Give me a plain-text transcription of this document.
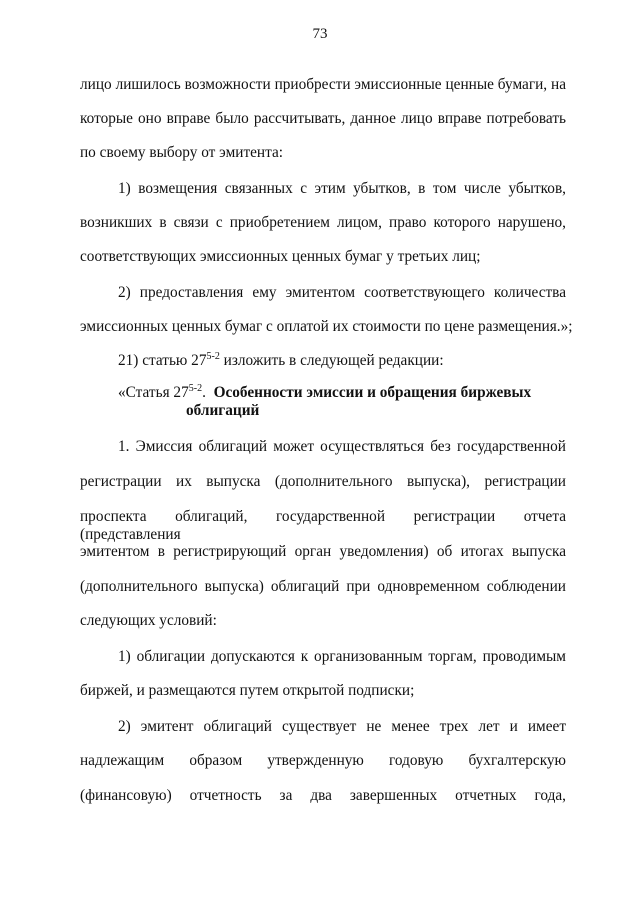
73
лицо лишилось возможности приобрести эмиссионные ценные бумаги, на
которые оно вправе было рассчитывать, данное лицо вправе потребовать
по своему выбору от эмитента:
1) возмещения связанных с этим убытков, в том числе убытков,
возникших в связи с приобретением лицом, право которого нарушено,
соответствующих эмиссионных ценных бумаг у третьих лиц;
2) предоставления ему эмитентом соответствующего количества
эмиссионных ценных бумаг с оплатой их стоимости по цене размещения.»;
21) статью 27$^{5-2}$ изложить в следующей редакции:
«Статья 27$^{5-2}$. Особенности эмиссии и обращения биржевых
облигаций
1. Эмиссия облигаций может осуществляться без государственной
регистрации их выпуска (дополнительного выпуска), регистрации
проспекта облигаций, государственной регистрации отчета (представления
эмитентом в регистрирующий орган уведомления) об итогах выпуска
(дополнительного выпуска) облигаций при одновременном соблюдении
следующих условий:
1) облигации допускаются к организованным торгам, проводимым
биржей, и размещаются путем открытой подписки;
2) эмитент облигаций существует не менее трех лет и имеет
надлежащим образом утвержденную годовую бухгалтерскую
(финансовую) отчетность за два завершенных отчетных года,
